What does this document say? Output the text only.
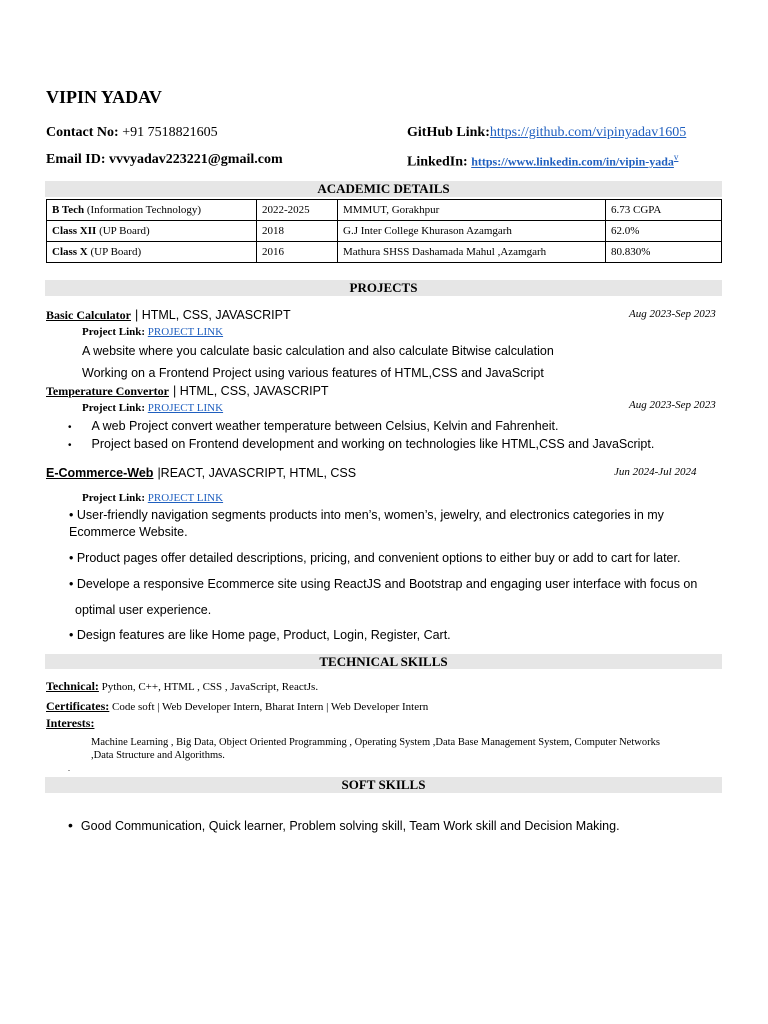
VIPIN YADAV
Contact No: +91 7518821605
Email ID: vvvyadav223221@gmail.com
GitHub Link:https://github.com/vipinyadav1605
LinkedIn: https://www.linkedin.com/in/vipin-yada$^v$
ACADEMIC DETAILS
B Tech (Information Technology)	2022-2025	MMMUT, Gorakhpur	6.73 CGPA
Class XII (UP Board)	2018	G.J Inter College Khurason Azamgarh	62.0%
Class X (UP Board)	2016	Mathura SHSS Dashamada Mahul ,Azamgarh	80.830%
PROJECTS
Basic Calculator | HTML, CSS, JAVASCRIPT	Aug 2023-Sep 2023
Project Link: PROJECT LINK
A website where you calculate basic calculation and also calculate Bitwise calculation
Working on a Frontend Project using various features of HTML,CSS and JavaScript
Temperature Convertor | HTML, CSS, JAVASCRIPT
Project Link: PROJECT LINK	Aug 2023-Sep 2023
• A web Project convert weather temperature between Celsius, Kelvin and Fahrenheit.
• Project based on Frontend development and working on technologies like HTML,CSS and JavaScript.
E-Commerce-Web |REACT, JAVASCRIPT, HTML, CSS	Jun 2024-Jul 2024
Project Link: PROJECT LINK
• User-friendly navigation segments products into men’s, women’s, jewelry, and electronics categories in my
Ecommerce Website.
• Product pages offer detailed descriptions, pricing, and convenient options to either buy or add to cart for later.
• Develope a responsive Ecommerce site using ReactJS and Bootstrap and engaging user interface with focus on
optimal user experience.
• Design features are like Home page, Product, Login, Register, Cart.
TECHNICAL SKILLS
Technical: Python, C++, HTML , CSS , JavaScript, ReactJs.
Certificates: Code soft | Web Developer Intern, Bharat Intern | Web Developer Intern
Interests:
Machine Learning , Big Data, Object Oriented Programming , Operating System ,Data Base Management System, Computer Networks
,Data Structure and Algorithms.
.
SOFT SKILLS
• Good Communication, Quick learner, Problem solving skill, Team Work skill and Decision Making.
